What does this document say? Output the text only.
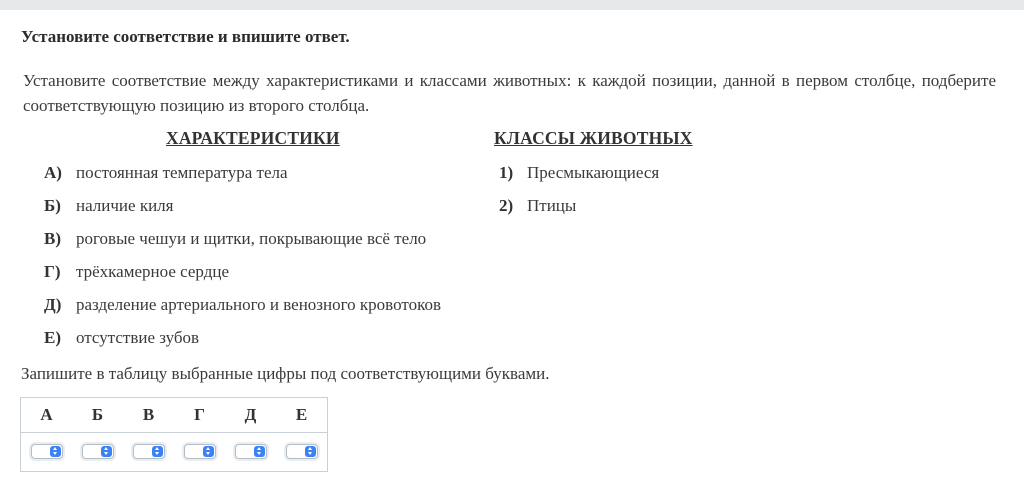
Установите соответствие и впишите ответ.
Установите соответствие между характеристиками и классами животных: к каждой позиции, данной в первом столбце, подберите соответствующую позицию из второго столбца.
ХАРАКТЕРИСТИКИ	КЛАССЫ ЖИВОТНЫХ
А) постоянная температура тела
Б) наличие киля
В) роговые чешуи и щитки, покрывающие всё тело
Г) трёхкамерное сердце
Д) разделение артериального и венозного кровотоков
Е) отсутствие зубов
1) Пресмыкающиеся
2) Птицы
Запишите в таблицу выбранные цифры под соответствующими буквами.
А	Б	В	Г	Д	Е
